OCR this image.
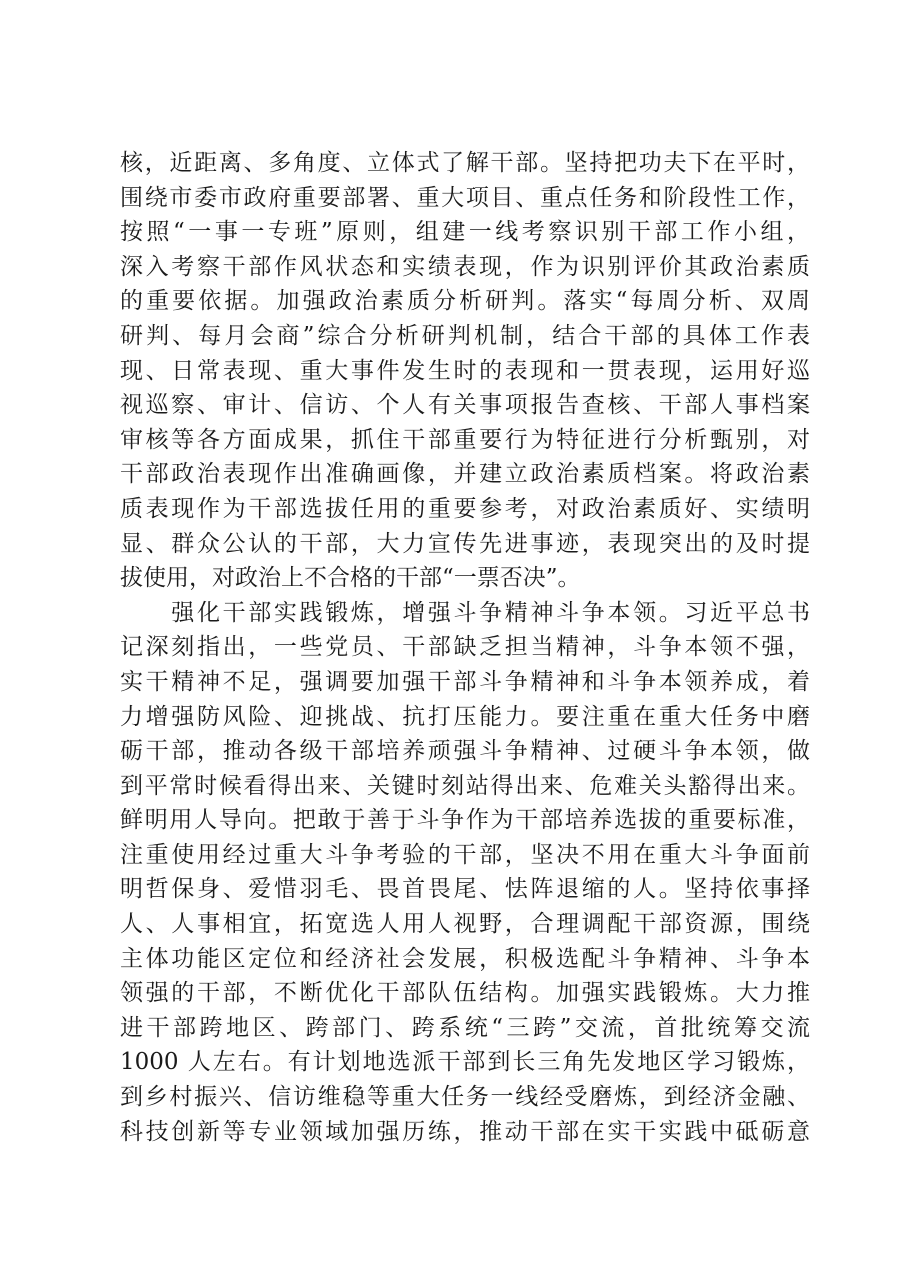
核，近距离、多角度、立体式了解干部。坚持把功夫下在平时，
围绕市委市政府重要部署、重大项目、重点任务和阶段性工作，
按照“一事一专班”原则，组建一线考察识别干部工作小组，
深入考察干部作风状态和实绩表现，作为识别评价其政治素质
的重要依据。加强政治素质分析研判。落实“每周分析、双周
研判、每月会商”综合分析研判机制，结合干部的具体工作表
现、日常表现、重大事件发生时的表现和一贯表现，运用好巡
视巡察、审计、信访、个人有关事项报告查核、干部人事档案
审核等各方面成果，抓住干部重要行为特征进行分析甄别，对
干部政治表现作出准确画像，并建立政治素质档案。将政治素
质表现作为干部选拔任用的重要参考，对政治素质好、实绩明
显、群众公认的干部，大力宣传先进事迹，表现突出的及时提
拔使用，对政治上不合格的干部“一票否决”。
　　强化干部实践锻炼，增强斗争精神斗争本领。习近平总书
记深刻指出，一些党员、干部缺乏担当精神，斗争本领不强，
实干精神不足，强调要加强干部斗争精神和斗争本领养成，着
力增强防风险、迎挑战、抗打压能力。要注重在重大任务中磨
砺干部，推动各级干部培养顽强斗争精神、过硬斗争本领，做
到平常时候看得出来、关键时刻站得出来、危难关头豁得出来。
鲜明用人导向。把敢于善于斗争作为干部培养选拔的重要标准，
注重使用经过重大斗争考验的干部，坚决不用在重大斗争面前
明哲保身、爱惜羽毛、畏首畏尾、怯阵退缩的人。坚持依事择
人、人事相宜，拓宽选人用人视野，合理调配干部资源，围绕
主体功能区定位和经济社会发展，积极选配斗争精神、斗争本
领强的干部，不断优化干部队伍结构。加强实践锻炼。大力推
进干部跨地区、跨部门、跨系统“三跨”交流，首批统筹交流
1000 人左右。有计划地选派干部到长三角先发地区学习锻炼，
到乡村振兴、信访维稳等重大任务一线经受磨炼，到经济金融、
科技创新等专业领域加强历练，推动干部在实干实践中砥砺意
